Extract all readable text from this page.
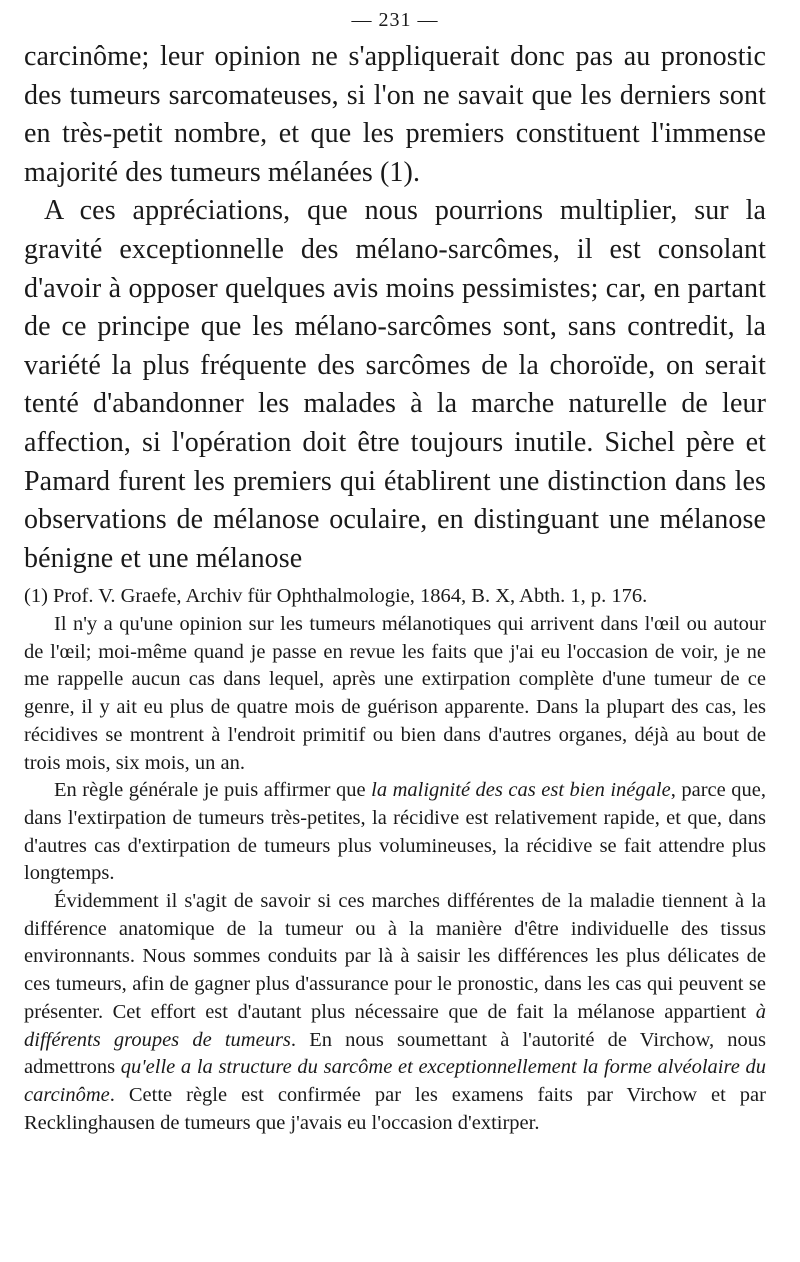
— 231 —

carcinôme; leur opinion ne s'appliquerait donc pas au pronostic des tumeurs sarcomateuses, si l'on ne savait que les derniers sont en très-petit nombre, et que les premiers constituent l'immense majorité des tumeurs mélanées (1).

A ces appréciations, que nous pourrions multiplier, sur la gravité exceptionnelle des mélano-sarcômes, il est consolant d'avoir à opposer quelques avis moins pessimistes; car, en partant de ce principe que les mélano-sarcômes sont, sans contredit, la variété la plus fréquente des sarcômes de la choroïde, on serait tenté d'abandonner les malades à la marche naturelle de leur affection, si l'opération doit être toujours inutile. Sichel père et Pamard furent les premiers qui établirent une distinction dans les observations de mélanose oculaire, en distinguant une mélanose bénigne et une mélanose

(1) Prof. V. Graefe, Archiv für Ophthalmologie, 1864, B. X, Abth. 1, p. 176.

Il n'y a qu'une opinion sur les tumeurs mélanotiques qui arrivent dans l'œil ou autour de l'œil; moi-même quand je passe en revue les faits que j'ai eu l'occasion de voir, je ne me rappelle aucun cas dans lequel, après une extirpation complète d'une tumeur de ce genre, il y ait eu plus de quatre mois de guérison apparente. Dans la plupart des cas, les récidives se montrent à l'endroit primitif ou bien dans d'autres organes, déjà au bout de trois mois, six mois, un an.

En règle générale je puis affirmer que la malignité des cas est bien inégale, parce que, dans l'extirpation de tumeurs très-petites, la récidive est relativement rapide, et que, dans d'autres cas d'extirpation de tumeurs plus volumineuses, la récidive se fait attendre plus longtemps.

Évidemment il s'agit de savoir si ces marches différentes de la maladie tiennent à la différence anatomique de la tumeur ou à la manière d'être individuelle des tissus environnants. Nous sommes conduits par là à saisir les différences les plus délicates de ces tumeurs, afin de gagner plus d'assurance pour le pronostic, dans les cas qui peuvent se présenter. Cet effort est d'autant plus nécessaire que de fait la mélanose appartient à différents groupes de tumeurs. En nous soumettant à l'autorité de Virchow, nous admettrons qu'elle a la structure du sarcôme et exceptionnellement la forme alvéolaire du carcinôme. Cette règle est confirmée par les examens faits par Virchow et par Recklinghausen de tumeurs que j'avais eu l'occasion d'extirper.
